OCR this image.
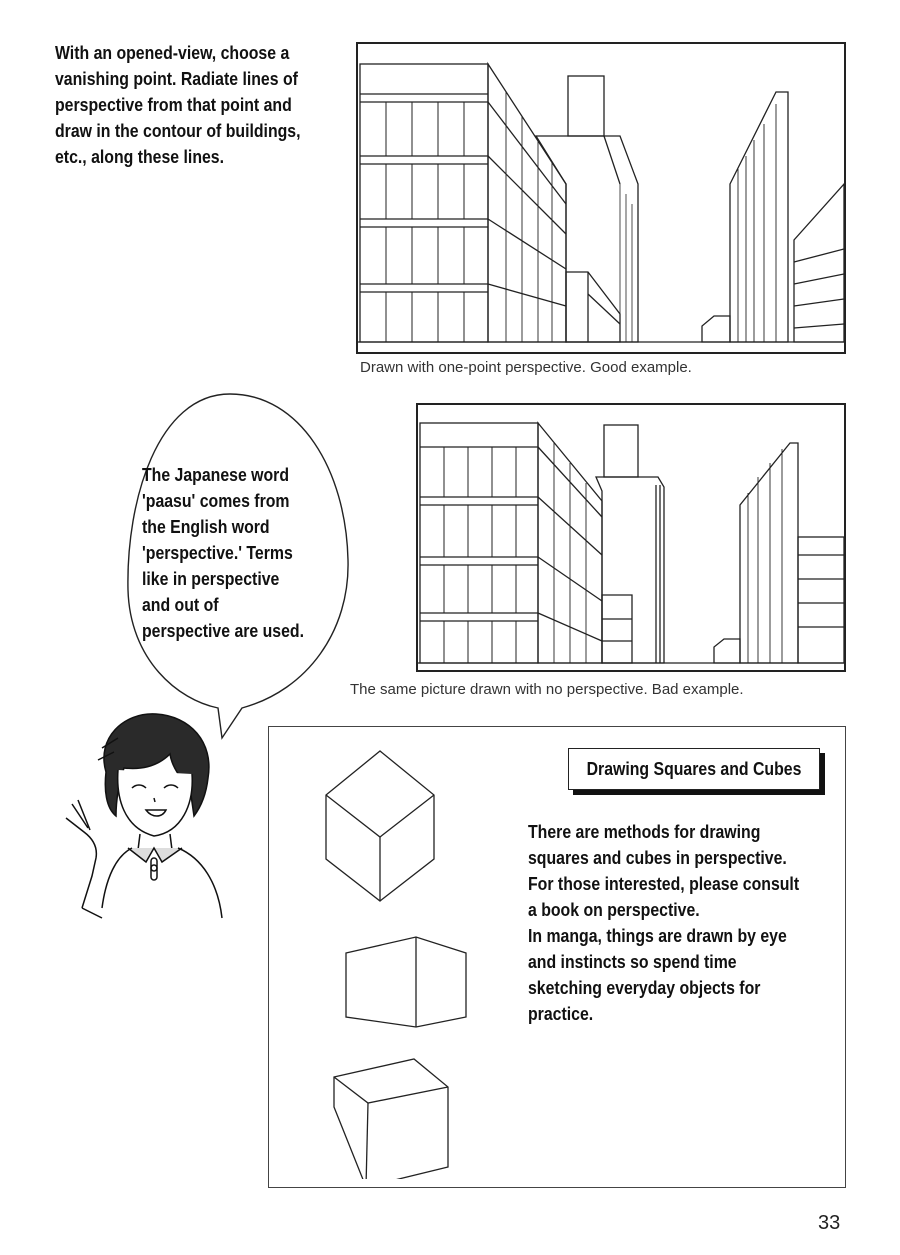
With an opened-view, choose a vanishing point. Radiate lines of perspective from that point and draw in the contour of buildings, etc., along these lines.

Drawn with one-point perspective. Good example.

The Japanese word 'paasu' comes from the English word 'perspective.' Terms like in perspective and out of perspective are used.

The same picture drawn with no perspective. Bad example.

Drawing Squares and Cubes

There are methods for drawing squares and cubes in perspective. For those interested, please consult a book on perspective.

In manga, things are drawn by eye and instincts so spend time sketching everyday objects for practice.

33
